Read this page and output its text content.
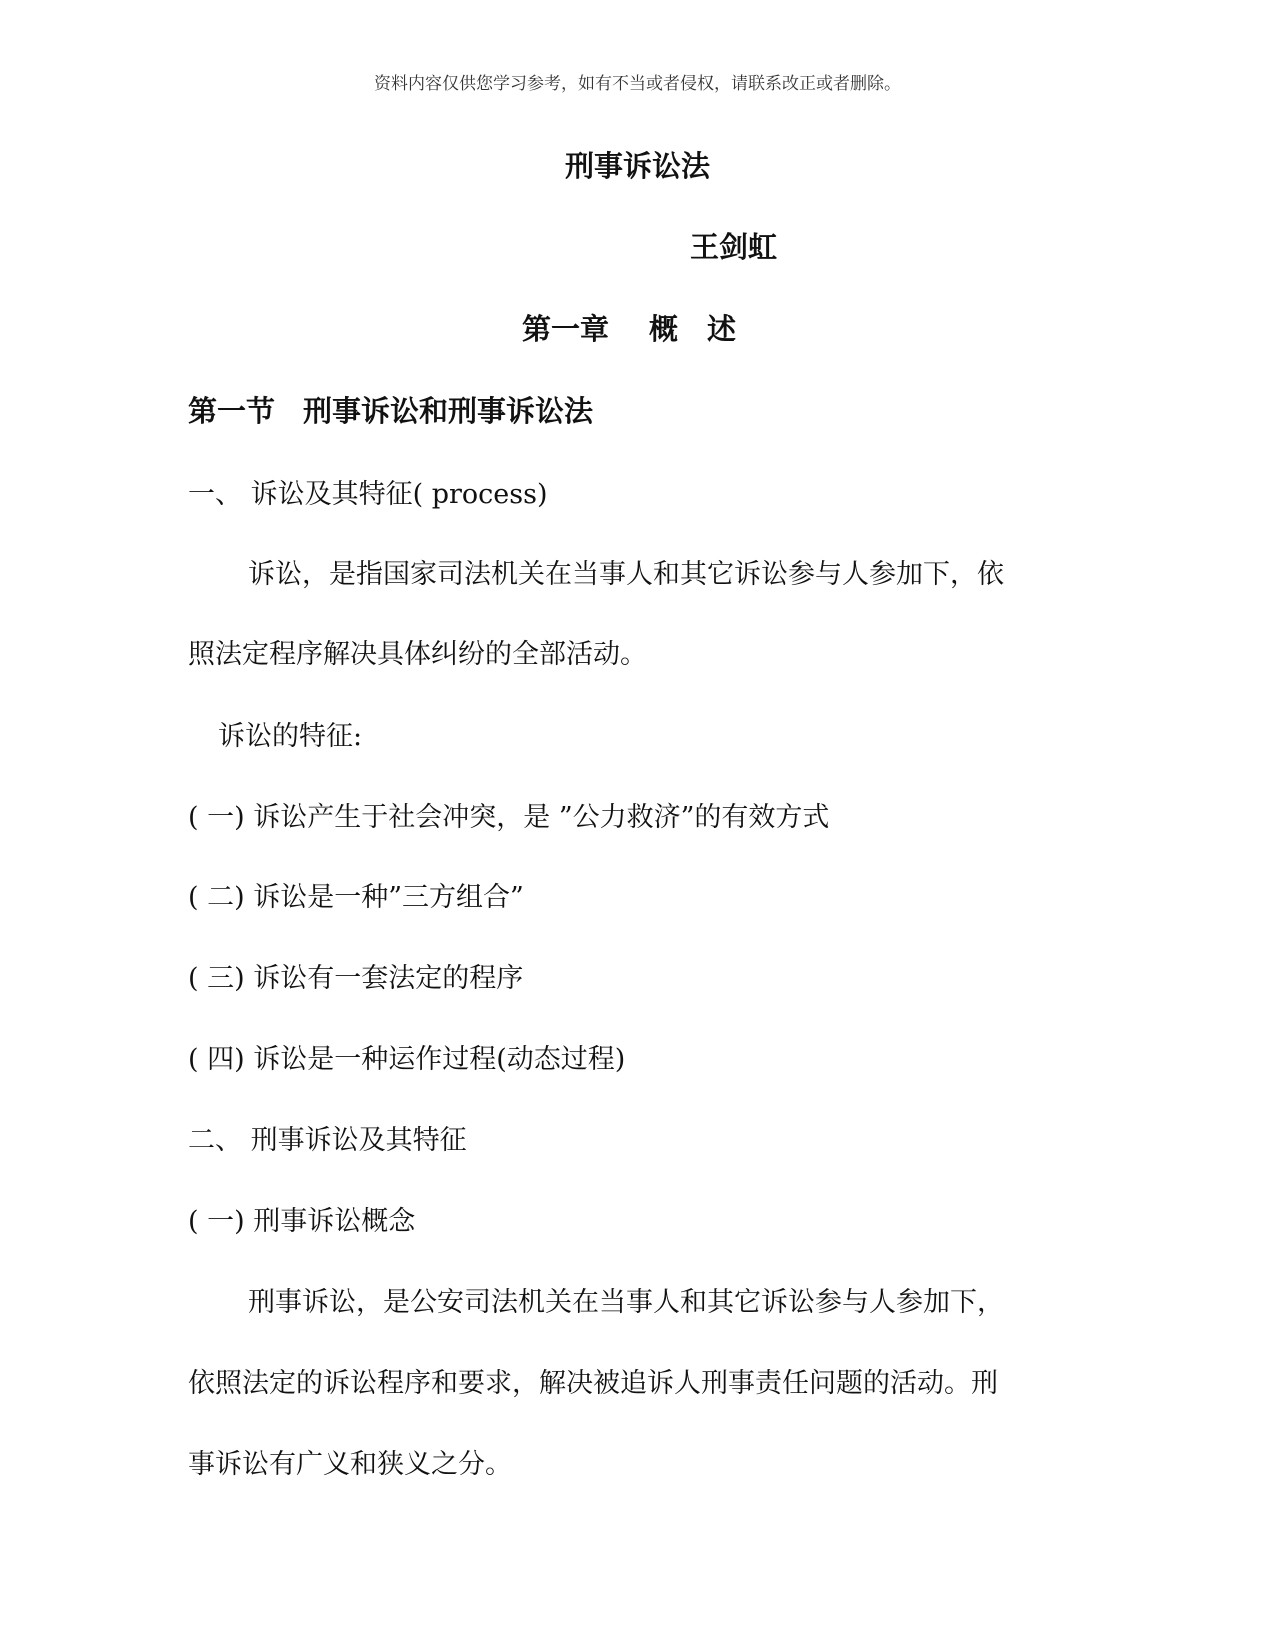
资料内容仅供您学习参考，如有不当或者侵权，请联系改正或者删除。
刑事诉讼法
王剑虹
第一章 概　述
第一节 刑事诉讼和刑事诉讼法

一、 诉讼及其特征( process)

诉讼，是指国家司法机关在当事人和其它诉讼参与人参加下，依

照法定程序解决具体纠纷的全部活动。

诉讼的特征:

( 一) 诉讼产生于社会冲突，是 ”公力救济”的有效方式

( 二) 诉讼是一种”三方组合”

( 三) 诉讼有一套法定的程序

( 四) 诉讼是一种运作过程(动态过程)

二、 刑事诉讼及其特征

( 一) 刑事诉讼概念

刑事诉讼，是公安司法机关在当事人和其它诉讼参与人参加下，

依照法定的诉讼程序和要求，解决被追诉人刑事责任问题的活动。刑

事诉讼有广义和狭义之分。
